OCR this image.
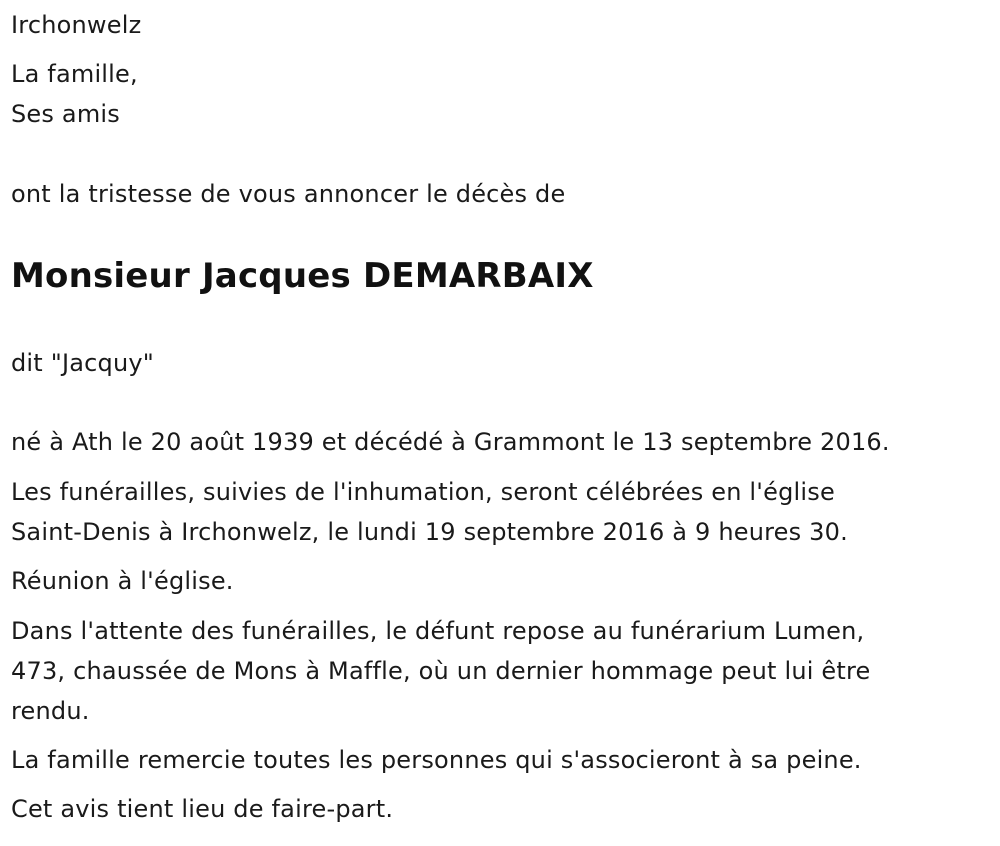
Irchonwelz
La famille,
Ses amis
ont la tristesse de vous annoncer le décès de
Monsieur Jacques DEMARBAIX
dit "Jacquy"
né à Ath le 20 août 1939 et décédé à Grammont le 13 septembre 2016.
Les funérailles, suivies de l'inhumation, seront célébrées en l'église
Saint-Denis à Irchonwelz, le lundi 19 septembre 2016 à 9 heures 30.
Réunion à l'église.
Dans l'attente des funérailles, le défunt repose au funérarium Lumen,
473, chaussée de Mons à Maffle, où un dernier hommage peut lui être
rendu.
La famille remercie toutes les personnes qui s'associeront à sa peine.
Cet avis tient lieu de faire-part.
